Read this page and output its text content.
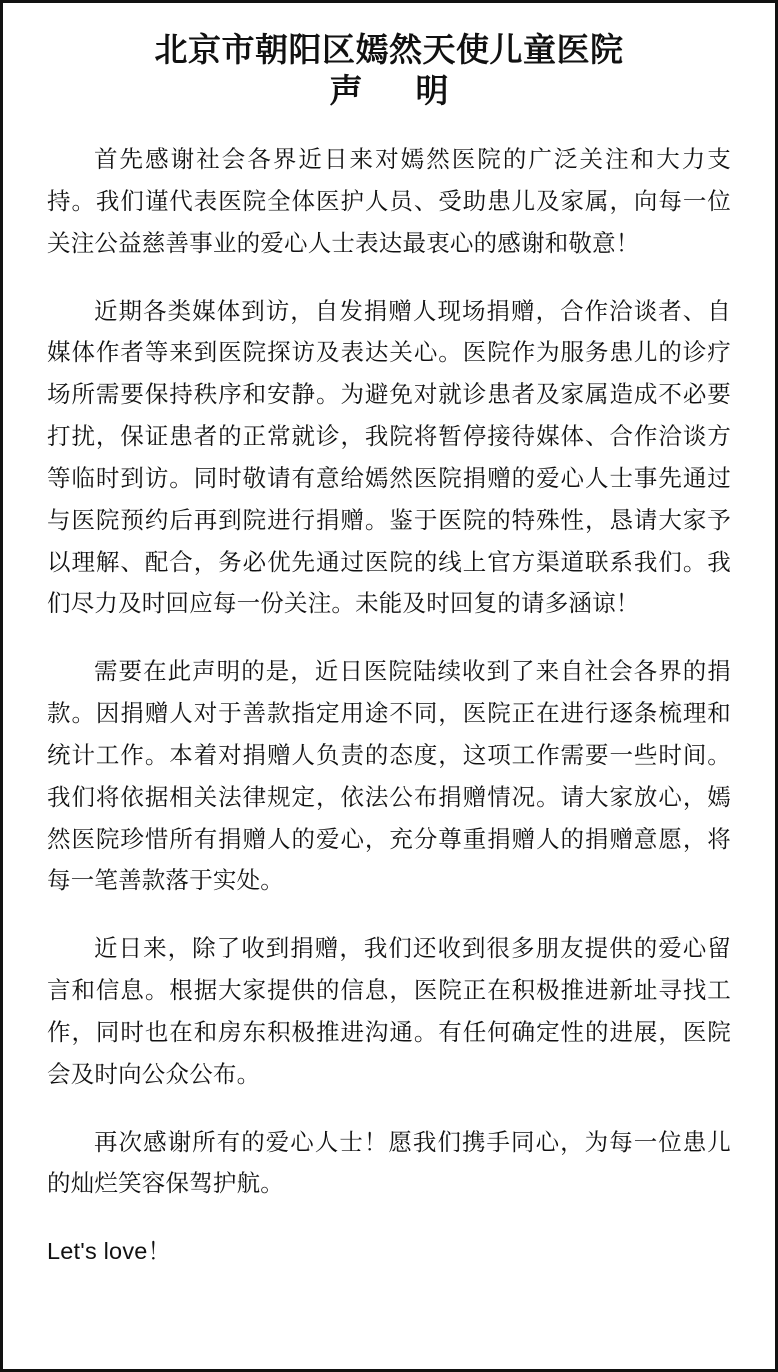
北京市朝阳区嫣然天使儿童医院
声　明

首先感谢社会各界近日来对嫣然医院的广泛关注和大力支持。我们谨代表医院全体医护人员、受助患儿及家属，向每一位关注公益慈善事业的爱心人士表达最衷心的感谢和敬意！

近期各类媒体到访，自发捐赠人现场捐赠，合作洽谈者、自媒体作者等来到医院探访及表达关心。医院作为服务患儿的诊疗场所需要保持秩序和安静。为避免对就诊患者及家属造成不必要打扰，保证患者的正常就诊，我院将暂停接待媒体、合作洽谈方等临时到访。同时敬请有意给嫣然医院捐赠的爱心人士事先通过与医院预约后再到院进行捐赠。鉴于医院的特殊性，恳请大家予以理解、配合，务必优先通过医院的线上官方渠道联系我们。我们尽力及时回应每一份关注。未能及时回复的请多涵谅！

需要在此声明的是，近日医院陆续收到了来自社会各界的捐款。因捐赠人对于善款指定用途不同，医院正在进行逐条梳理和统计工作。本着对捐赠人负责的态度，这项工作需要一些时间。我们将依据相关法律规定，依法公布捐赠情况。请大家放心，嫣然医院珍惜所有捐赠人的爱心，充分尊重捐赠人的捐赠意愿，将每一笔善款落于实处。

近日来，除了收到捐赠，我们还收到很多朋友提供的爱心留言和信息。根据大家提供的信息，医院正在积极推进新址寻找工作，同时也在和房东积极推进沟通。有任何确定性的进展，医院会及时向公众公布。

再次感谢所有的爱心人士！愿我们携手同心，为每一位患儿的灿烂笑容保驾护航。

Let's love！
